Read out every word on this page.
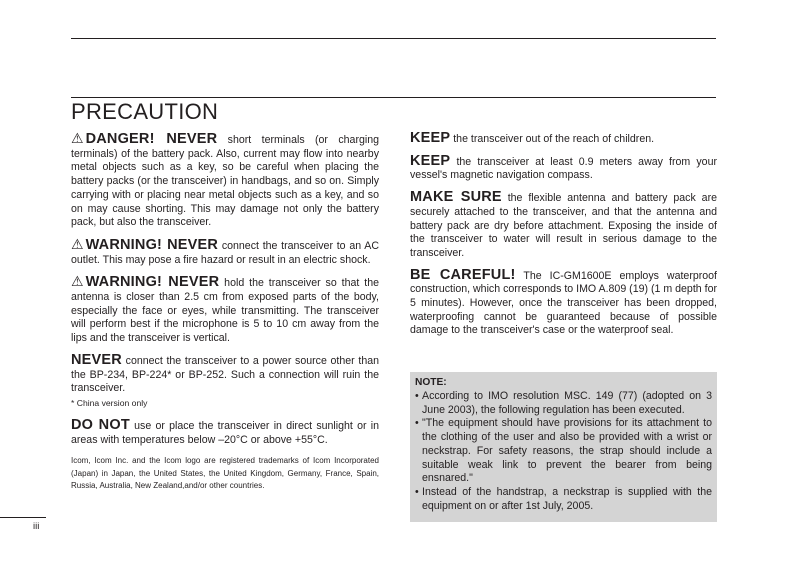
PRECAUTION

⚠ DANGER! NEVER short terminals (or charging terminals) of the battery pack. Also, current may flow into nearby metal objects such as a key, so be careful when placing the battery packs (or the transceiver) in handbags, and so on. Simply carrying with or placing near metal objects such as a key, and so on may cause shorting. This may damage not only the battery pack, but also the transceiver.

⚠ WARNING! NEVER connect the transceiver to an AC outlet. This may pose a fire hazard or result in an electric shock.

⚠ WARNING! NEVER hold the transceiver so that the antenna is closer than 2.5 cm from exposed parts of the body, especially the face or eyes, while transmitting. The transceiver will perform best if the microphone is 5 to 10 cm away from the lips and the transceiver is vertical.

NEVER connect the transceiver to a power source other than the BP-234, BP-224* or BP-252. Such a connection will ruin the transceiver.

* China version only

DO NOT use or place the transceiver in direct sunlight or in areas with temperatures below –20°C or above +55°C.

Icom, Icom Inc. and the Icom logo are registered trademarks of Icom Incorporated (Japan) in Japan, the United States, the United Kingdom, Germany, France, Spain, Russia, Australia, New Zealand,and/or other countries.

KEEP the transceiver out of the reach of children.

KEEP the transceiver at least 0.9 meters away from your vessel's magnetic navigation compass.

MAKE SURE the flexible antenna and battery pack are securely attached to the transceiver, and that the antenna and battery pack are dry before attachment. Exposing the inside of the transceiver to water will result in serious damage to the transceiver.

BE CAREFUL! The IC-GM1600E employs waterproof construction, which corresponds to IMO A.809 (19) (1 m depth for 5 minutes). However, once the transceiver has been dropped, waterproofing cannot be guaranteed because of possible damage to the transceiver's case or the waterproof seal.

NOTE:

• According to IMO resolution MSC. 149 (77) (adopted on 3 June 2003), the following regulation has been executed.
• "The equipment should have provisions for its attachment to the clothing of the user and also be provided with a wrist or neckstrap. For safety reasons, the strap should include a suitable weak link to prevent the bearer from being ensnared."
• Instead of the handstrap, a neckstrap is supplied with the equipment on or after 1st July, 2005.
iii
